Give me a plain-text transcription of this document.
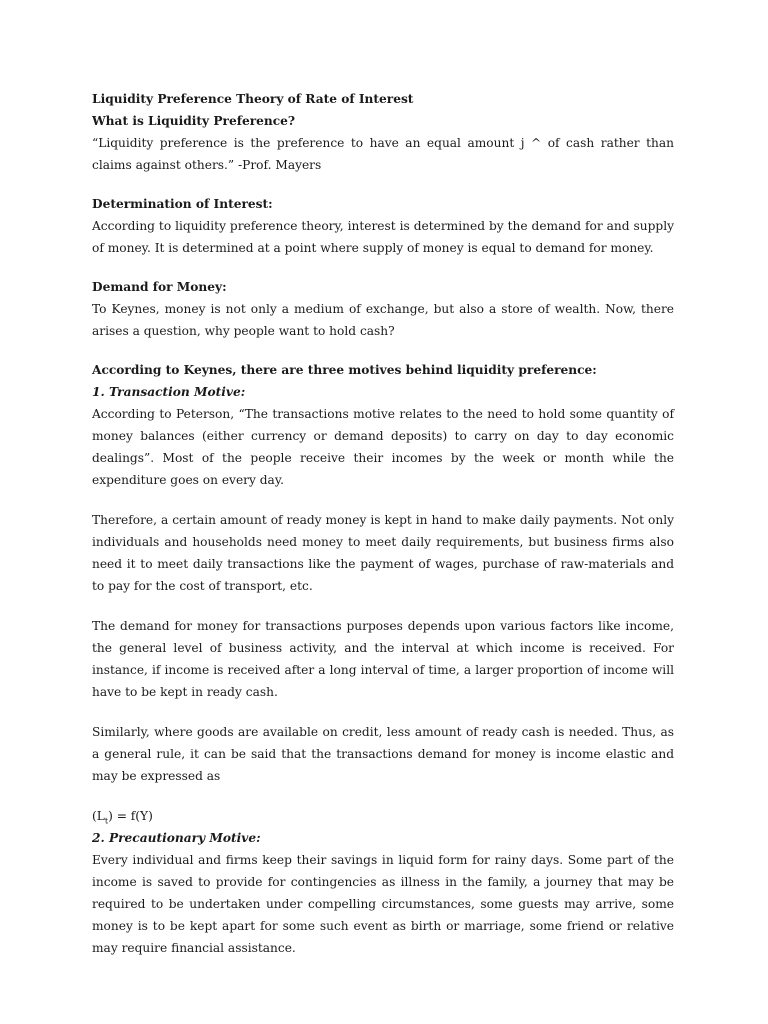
Liquidity Preference Theory of Rate of Interest

What is Liquidity Preference?

“Liquidity preference is the preference to have an equal amount j ^ of cash rather than claims against others.” -Prof. Mayers

Determination of Interest:

According to liquidity preference theory, interest is determined by the demand for and supply of money. It is determined at a point where supply of money is equal to demand for money.

Demand for Money:

To Keynes, money is not only a medium of exchange, but also a store of wealth. Now, there arises a question, why people want to hold cash?

According to Keynes, there are three motives behind liquidity preference:

1. Transaction Motive:

According to Peterson, “The transactions motive relates to the need to hold some quantity of money balances (either currency or demand deposits) to carry on day to day economic dealings”. Most of the people receive their incomes by the week or month while the expenditure goes on every day.

Therefore, a certain amount of ready money is kept in hand to make daily payments. Not only individuals and households need money to meet daily requirements, but business firms also need it to meet daily transactions like the payment of wages, purchase of raw-materials and to pay for the cost of transport, etc.

The demand for money for transactions purposes depends upon various factors like income, the general level of business activity, and the interval at which income is received. For instance, if income is received after a long interval of time, a larger proportion of income will have to be kept in ready cash.

Similarly, where goods are available on credit, less amount of ready cash is needed. Thus, as a general rule, it can be said that the transactions demand for money is income elastic and may be expressed as

$(L_t) = f(Y)$

2. Precautionary Motive:

Every individual and firms keep their savings in liquid form for rainy days. Some part of the income is saved to provide for contingencies as illness in the family, a journey that may be required to be undertaken under compelling circumstances, some guests may arrive, some money is to be kept apart for some such event as birth or marriage, some friend or relative may require financial assistance.
